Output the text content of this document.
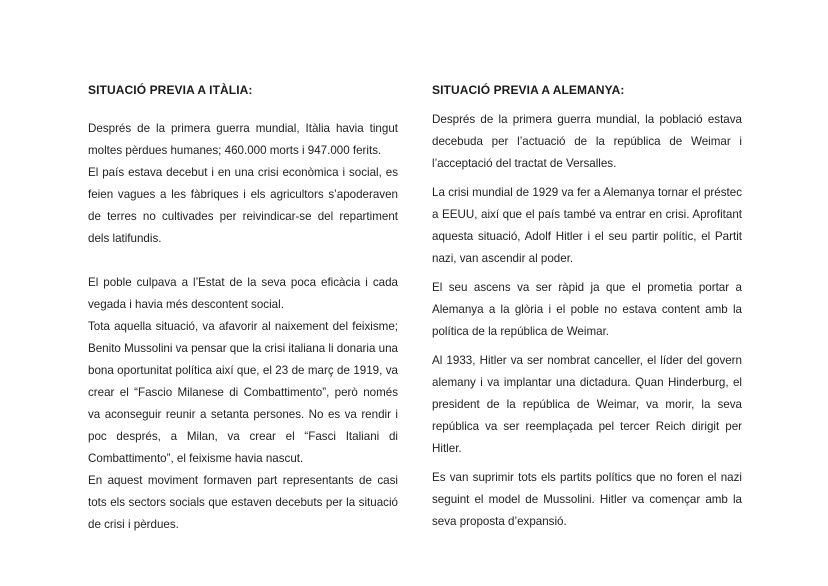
SITUACIÓ PREVIA A ITÀLIA:

Després de la primera guerra mundial, Itàlia havia tingut moltes pèrdues humanes; 460.000 morts i 947.000 ferits.

El país estava decebut i en una crisi econòmica i social, es feien vagues a les fàbriques i els agricultors s’apoderaven de terres no cultivades per reivindicar-se del repartiment dels latifundis.

El poble culpava a l’Estat de la seva poca eficàcia i cada vegada i havia més descontent social.

Tota aquella situació, va afavorir al naixement del feixisme; Benito Mussolini va pensar que la crisi italiana li donaria una bona oportunitat política així que, el 23 de març de 1919, va crear el “Fascio Milanese di Combattimento”, però només va aconseguir reunir a setanta persones. No es va rendir i poc després, a Milan, va crear el “Fasci Italiani di Combattimento”, el feixisme havia nascut.

En aquest moviment formaven part representants de casi tots els sectors socials que estaven decebuts per la situació de crisi i pèrdues.

SITUACIÓ PREVIA A ALEMANYA:

Després de la primera guerra mundial, la població estava decebuda per l’actuació de la república de Weimar i l’acceptació del tractat de Versalles.

La crisi mundial de 1929 va fer a Alemanya tornar el préstec a EEUU, així que el país també va entrar en crisi. Aprofitant aquesta situació, Adolf Hitler i el seu partir polític, el Partit nazi, van ascendir al poder.

El seu ascens va ser ràpid ja que el prometia portar a Alemanya a la glòria i el poble no estava content amb la política de la república de Weimar.

Al 1933, Hitler va ser nombrat canceller, el líder del govern alemany i va implantar una dictadura. Quan Hinderburg, el president de la república de Weimar, va morir, la seva república va ser reemplaçada pel tercer Reich dirigit per Hitler.

Es van suprimir tots els partits polítics que no foren el nazi seguint el model de Mussolini. Hitler va començar amb la seva proposta d’expansió.
